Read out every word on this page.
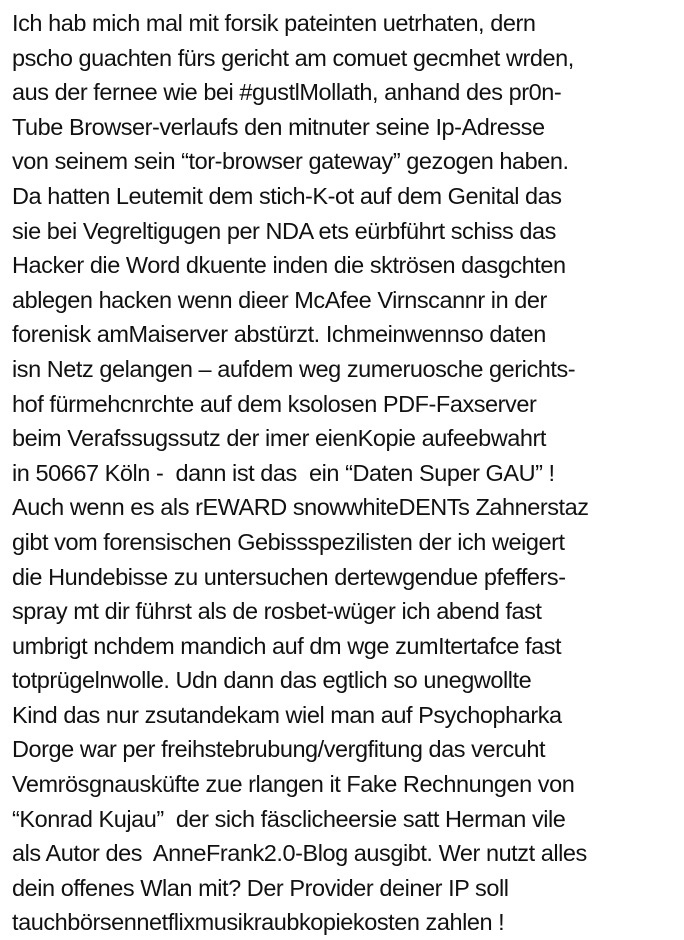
Ich hab mich mal mit forsik pateinten uetrhaten, dern
pscho guachten fürs gericht am comuet gecmhet wrden,
aus der fernee wie bei #gustlMollath, anhand des pr0n-
Tube Browser-verlaufs den mitnuter seine Ip-Adresse
von seinem sein “tor-browser gateway” gezogen haben.
Da hatten Leutemit dem stich-K-ot auf dem Genital das
sie bei Vegreltigugen per NDA ets eürbführt schiss das
Hacker die Word dkuente inden die sktrösen dasgchten
ablegen hacken wenn dieer McAfee Virnscannr in der
forenisk amMaiserver abstürzt. Ichmeinwennso daten
isn Netz gelangen – aufdem weg zumeruosche gerichts-
hof fürmehcnrchte auf dem ksolosen PDF-Faxserver
beim Verafssugssutz der imer eienKopie aufeebwahrt
in 50667 Köln -  dann ist das  ein “Daten Super GAU” !
Auch wenn es als rEWARD snowwhiteDENTs Zahnerstaz
gibt vom forensischen Gebissspezilisten der ich weigert
die Hundebisse zu untersuchen dertewgendue pfeffers-
spray mt dir führst als de rosbet-wüger ich abend fast
umbrigt nchdem mandich auf dm wge zumItertafce fast
totprügelnwolle. Udn dann das egtlich so unegwollte
Kind das nur zsutandekam wiel man auf Psychopharka
Dorge war per freihstebrubung/vergfitung das vercuht
Vemrösgnausküfte zue rlangen it Fake Rechnungen von
“Konrad Kujau”  der sich fäsclicheersie satt Herman vile
als Autor des  AnneFrank2.0-Blog ausgibt. Wer nutzt alles
dein offenes Wlan mit? Der Provider deiner IP soll
tauchbörsennetflixmusikraubkopiekosten zahlen !
